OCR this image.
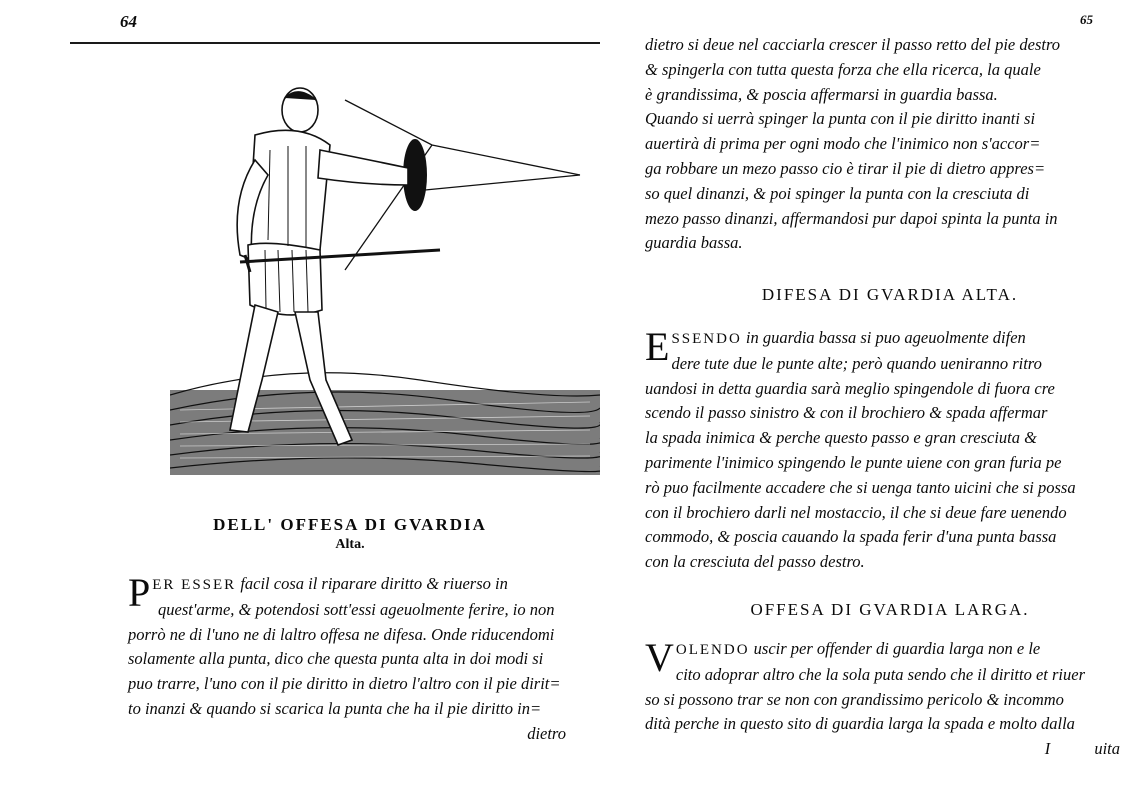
64
DELL' OFFESA DI GVARDIA
Alta.
P ER ESSER facil cosa il riparare diritto & riuerso in
quest'arme, & potendosi sott'essi ageuolmente ferire, io non
porrò ne di l'uno ne di laltro offesa ne difesa. Onde riducendomi
solamente alla punta, dico che questa punta alta in doi modi si
puo trarre, l'uno con il pie diritto in dietro l'altro con il pie dirit=
to inanzi & quando si scarica la punta che ha il pie diritto in=
dietro
65
dietro si deue nel cacciarla crescer il passo retto del pie destro
& spingerla con tutta questa forza che ella ricerca, la quale
è grandissima, & poscia affermarsi in guardia bassa.
Quando si uerrà spinger la punta con il pie diritto inanti si
auertirà di prima per ogni modo che l'inimico non s'accor=
ga robbare un mezo passo cio è tirar il pie di dietro appres=
so quel dinanzi, & poi spinger la punta con la cresciuta di
mezo passo dinanzi, affermandosi pur dapoi spinta la punta in
guardia bassa.
DIFESA DI GVARDIA ALTA.
E SSENDO in guardia bassa si puo ageuolmente difen
dere tute due le punte alte; però quando ueniranno ritro
uandosi in detta guardia sarà meglio spingendole di fuora cre
scendo il passo sinistro & con il brochiero & spada affermar
la spada inimica & perche questo passo e gran cresciuta &
parimente l'inimico spingendo le punte uiene con gran furia pe
rò puo facilmente accadere che si uenga tanto uicini che si possa
con il brochiero darli nel mostaccio, il che si deue fare uenendo
commodo, & poscia cauando la spada ferir d'una punta bassa
con la cresciuta del passo destro.
OFFESA DI GVARDIA LARGA.
V OLENDO uscir per offender di guardia larga non e le
cito adoprar altro che la sola puta sendo che il diritto et riuer
so si possono trar se non con grandissimo pericolo & incommo
dità perche in questo sito di guardia larga la spada e molto dalla
I	uita
